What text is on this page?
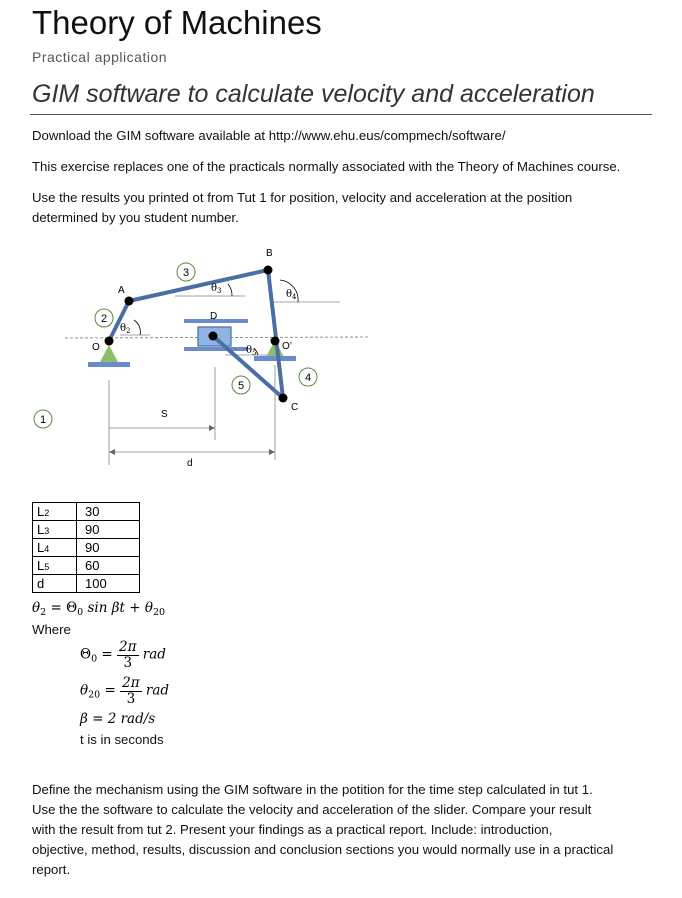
Theory of Machines
Practical application
GIM software to calculate velocity and acceleration
Download the GIM software available at http://www.ehu.eus/compmech/software/
This exercise replaces one of the practicals normally associated with the Theory of Machines course.
Use the results you printed ot from Tut 1 for position, velocity and acceleration at the position
determined by you student number.
1
2
3
4
5
A
B
C
D
O	O’
S
d
$\theta_2$
$\theta_3$	$\theta_4$
$\theta_5$
L2	30
L3	90
L4	90
L5	60
d	100
$\theta_2 = \Theta_0$ $\sin \beta t + \theta_{20}$
Where
$\Theta_0 = \frac{2\pi}{3}$ rad
$\theta_{20} = \frac{2\pi}{3}$ rad
β = 2 rad/s
t is in seconds
Define the mechanism using the GIM software in the potition for the time step calculated in tut 1.
Use the the software to calculate the velocity and acceleration of the slider. Compare your result
with the result from tut 2. Present your findings as a practical report. Include: introduction,
objective, method, results, discussion and conclusion sections you would normally use in a practical
report.
